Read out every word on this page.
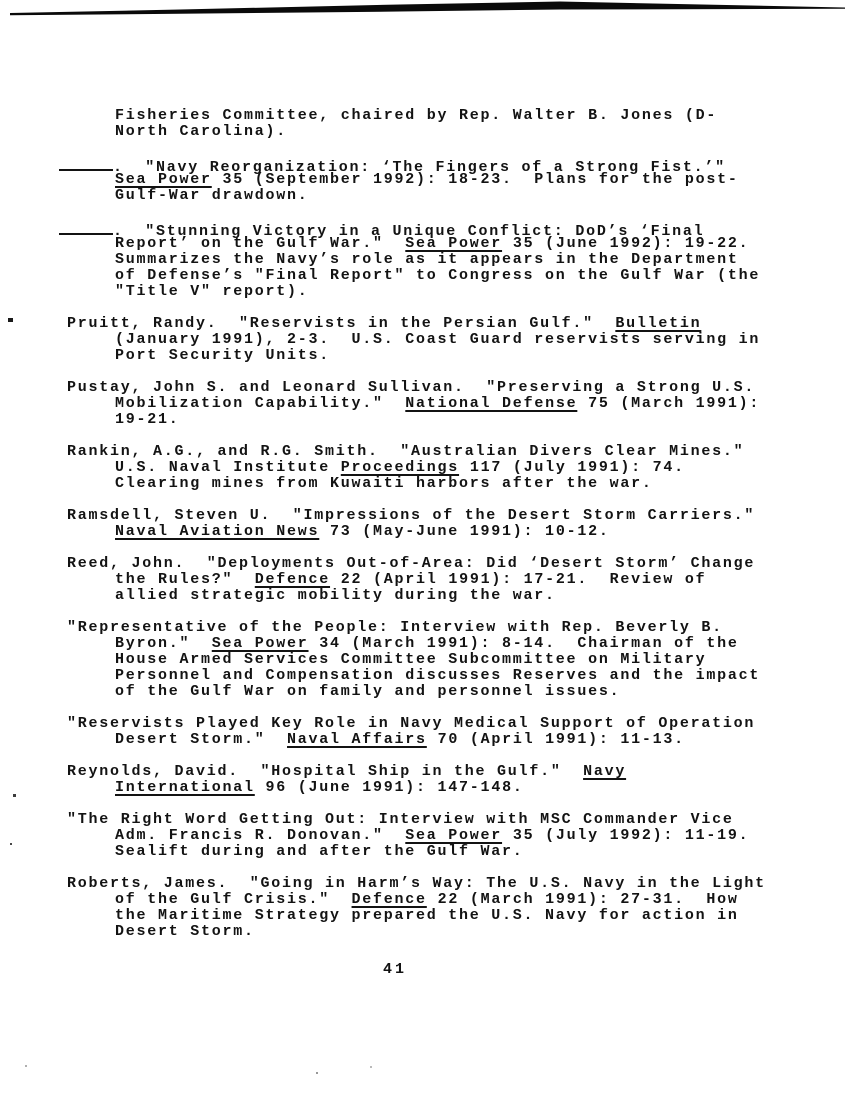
Fisheries Committee, chaired by Rep. Walter B. Jones (D-
North Carolina).
.  "Navy Reorganization: ‘The Fingers of a Strong Fist.’"
Sea Power 35 (September 1992): 18-23.  Plans for the post-
Gulf-War drawdown.
.  "Stunning Victory in a Unique Conflict: DoD’s ‘Final
Report’ on the Gulf War."  Sea Power 35 (June 1992): 19-22.
Summarizes the Navy’s role as it appears in the Department
of Defense’s "Final Report" to Congress on the Gulf War (the
"Title V" report).
Pruitt, Randy.  "Reservists in the Persian Gulf."  Bulletin
(January 1991), 2-3.  U.S. Coast Guard reservists serving in
Port Security Units.
Pustay, John S. and Leonard Sullivan.  "Preserving a Strong U.S.
Mobilization Capability."  National Defense 75 (March 1991):
19-21.
Rankin, A.G., and R.G. Smith.  "Australian Divers Clear Mines."
U.S. Naval Institute Proceedings 117 (July 1991): 74.
Clearing mines from Kuwaiti harbors after the war.
Ramsdell, Steven U.  "Impressions of the Desert Storm Carriers."
Naval Aviation News 73 (May-June 1991): 10-12.
Reed, John.  "Deployments Out-of-Area: Did ‘Desert Storm’ Change
the Rules?"  Defence 22 (April 1991): 17-21.  Review of
allied strategic mobility during the war.
"Representative of the People: Interview with Rep. Beverly B.
Byron."  Sea Power 34 (March 1991): 8-14.  Chairman of the
House Armed Services Committee Subcommittee on Military
Personnel and Compensation discusses Reserves and the impact
of the Gulf War on family and personnel issues.
"Reservists Played Key Role in Navy Medical Support of Operation
Desert Storm."  Naval Affairs 70 (April 1991): 11-13.
Reynolds, David.  "Hospital Ship in the Gulf."  Navy
International 96 (June 1991): 147-148.
"The Right Word Getting Out: Interview with MSC Commander Vice
Adm. Francis R. Donovan."  Sea Power 35 (July 1992): 11-19.
Sealift during and after the Gulf War.
Roberts, James.  "Going in Harm’s Way: The U.S. Navy in the Light
of the Gulf Crisis."  Defence 22 (March 1991): 27-31.  How
the Maritime Strategy prepared the U.S. Navy for action in
Desert Storm.
41
